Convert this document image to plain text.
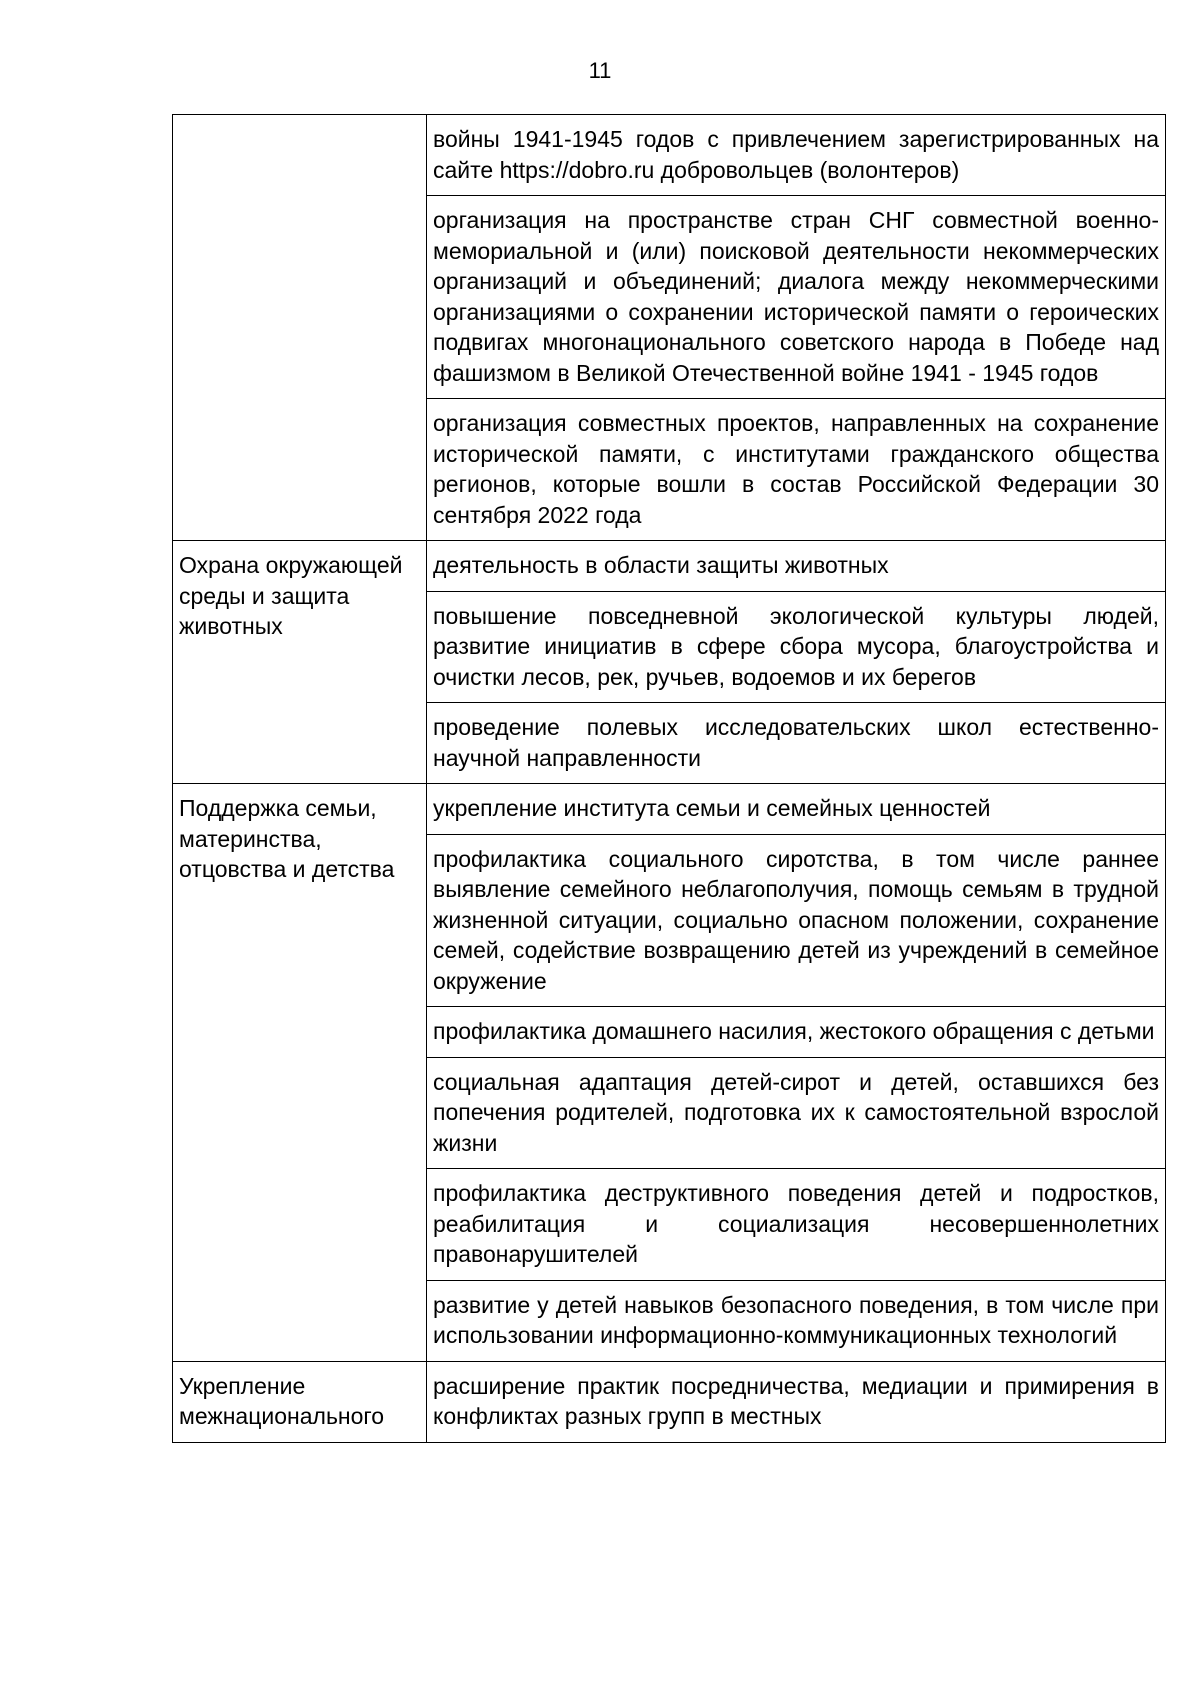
11
	войны 1941-1945 годов с привлечением зарегистрированных на сайте https://dobro.ru добровольцев (волонтеров)
	организация на пространстве стран СНГ совместной военно-мемориальной и (или) поисковой деятельности некоммерческих организаций и объединений; диалога между некоммерческими организациями о сохранении исторической памяти о героических подвигах многонационального советского народа в Победе над фашизмом в Великой Отечественной войне 1941 - 1945 годов
	организация совместных проектов, направленных на сохранение исторической памяти, с институтами гражданского общества регионов, которые вошли в состав Российской Федерации 30 сентября 2022 года
Охрана окружающей среды и защита животных	деятельность в области защиты животных
	повышение повседневной экологической культуры людей, развитие инициатив в сфере сбора мусора, благоустройства и очистки лесов, рек, ручьев, водоемов и их берегов
	проведение полевых исследовательских школ естественно-научной направленности
Поддержка семьи, материнства, отцовства и детства	укрепление института семьи и семейных ценностей
	профилактика социального сиротства, в том числе раннее выявление семейного неблагополучия, помощь семьям в трудной жизненной ситуации, социально опасном положении, сохранение семей, содействие возвращению детей из учреждений в семейное окружение
	профилактика домашнего насилия, жестокого обращения с детьми
	социальная адаптация детей-сирот и детей, оставшихся без попечения родителей, подготовка их к самостоятельной взрослой жизни
	профилактика деструктивного поведения детей и подростков, реабилитация и социализация несовершеннолетних правонарушителей
	развитие у детей навыков безопасного поведения, в том числе при использовании информационно-коммуникационных технологий
Укрепление межнационального	расширение практик посредничества, медиации и примирения в конфликтах разных групп в местных
